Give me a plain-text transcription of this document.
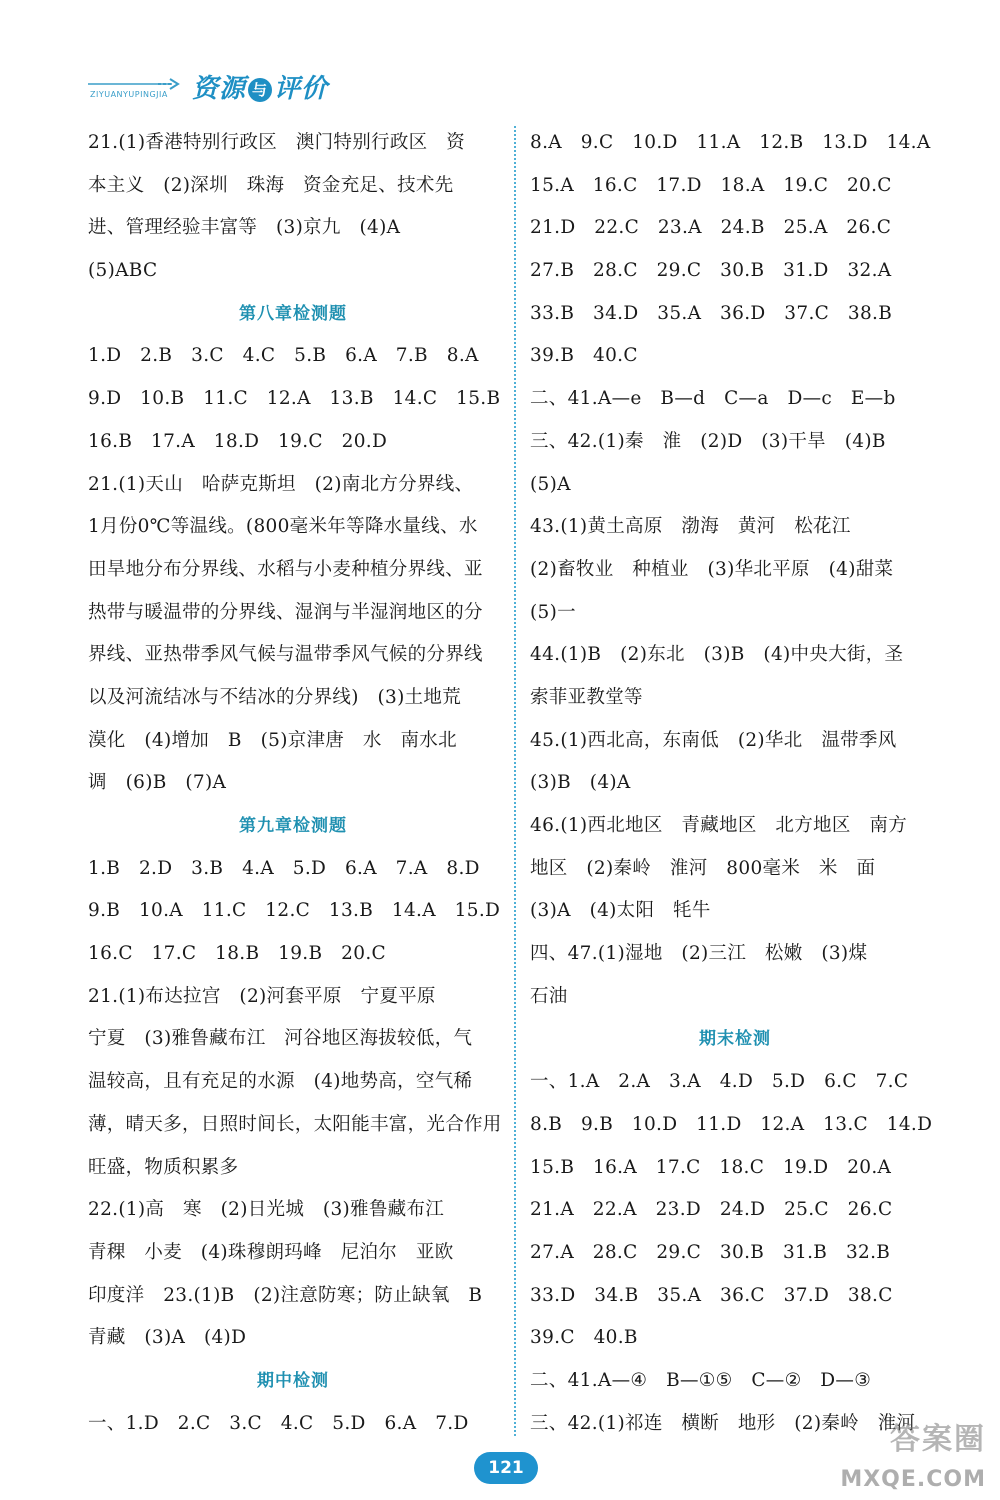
ZIYUANYUPINGJIA 资源 与 评价
21.(1)香港特别行政区　澳门特别行政区　资
本主义　(2)深圳　珠海　资金充足、技术先
进、管理经验丰富等　(3)京九　(4)A
(5)ABC
第八章检测题
1.D　2.B　3.C　4.C　5.B　6.A　7.B　8.A
9.D　10.B　11.C　12.A　13.B　14.C　15.B
16.B　17.A　18.D　19.C　20.D
21.(1)天山　哈萨克斯坦　(2)南北方分界线、
1月份0℃等温线。(800毫米年等降水量线、水
田旱地分布分界线、水稻与小麦种植分界线、亚
热带与暖温带的分界线、湿润与半湿润地区的分
界线、亚热带季风气候与温带季风气候的分界线
以及河流结冰与不结冰的分界线)　(3)土地荒
漠化　(4)增加　B　(5)京津唐　水　南水北
调　(6)B　(7)A
第九章检测题
1.B　2.D　3.B　4.A　5.D　6.A　7.A　8.D
9.B　10.A　11.C　12.C　13.B　14.A　15.D
16.C　17.C　18.B　19.B　20.C
21.(1)布达拉宫　(2)河套平原　宁夏平原
宁夏　(3)雅鲁藏布江　河谷地区海拔较低，气
温较高，且有充足的水源　(4)地势高，空气稀
薄，晴天多，日照时间长，太阳能丰富，光合作用
旺盛，物质积累多
22.(1)高　寒　(2)日光城　(3)雅鲁藏布江
青稞　小麦　(4)珠穆朗玛峰　尼泊尔　亚欧
印度洋　23.(1)B　(2)注意防寒；防止缺氧　B
青藏　(3)A　(4)D
期中检测
一、1.D　2.C　3.C　4.C　5.D　6.A　7.D
8.A　9.C　10.D　11.A　12.B　13.D　14.A
15.A　16.C　17.D　18.A　19.C　20.C
21.D　22.C　23.A　24.B　25.A　26.C
27.B　28.C　29.C　30.B　31.D　32.A
33.B　34.D　35.A　36.D　37.C　38.B
39.B　40.C
二、41.A—e　B—d　C—a　D—c　E—b
三、42.(1)秦　淮　(2)D　(3)干旱　(4)B
(5)A
43.(1)黄土高原　渤海　黄河　松花江
(2)畜牧业　种植业　(3)华北平原　(4)甜菜
(5)一
44.(1)B　(2)东北　(3)B　(4)中央大街，圣
索菲亚教堂等
45.(1)西北高，东南低　(2)华北　温带季风
(3)B　(4)A
46.(1)西北地区　青藏地区　北方地区　南方
地区　(2)秦岭　淮河　800毫米　米　面
(3)A　(4)太阳　牦牛
四、47.(1)湿地　(2)三江　松嫩　(3)煤
石油
期末检测
一、1.A　2.A　3.A　4.D　5.D　6.C　7.C
8.B　9.B　10.D　11.D　12.A　13.C　14.D
15.B　16.A　17.C　18.C　19.D　20.A
21.A　22.A　23.D　24.D　25.C　26.C
27.A　28.C　29.C　30.B　31.B　32.B
33.D　34.B　35.A　36.C　37.D　38.C
39.C　40.B
二、41.A—④　B—①⑤　C—②　D—③
三、42.(1)祁连　横断　地形　(2)秦岭　淮河
121
答案圈
MXQE.COM
